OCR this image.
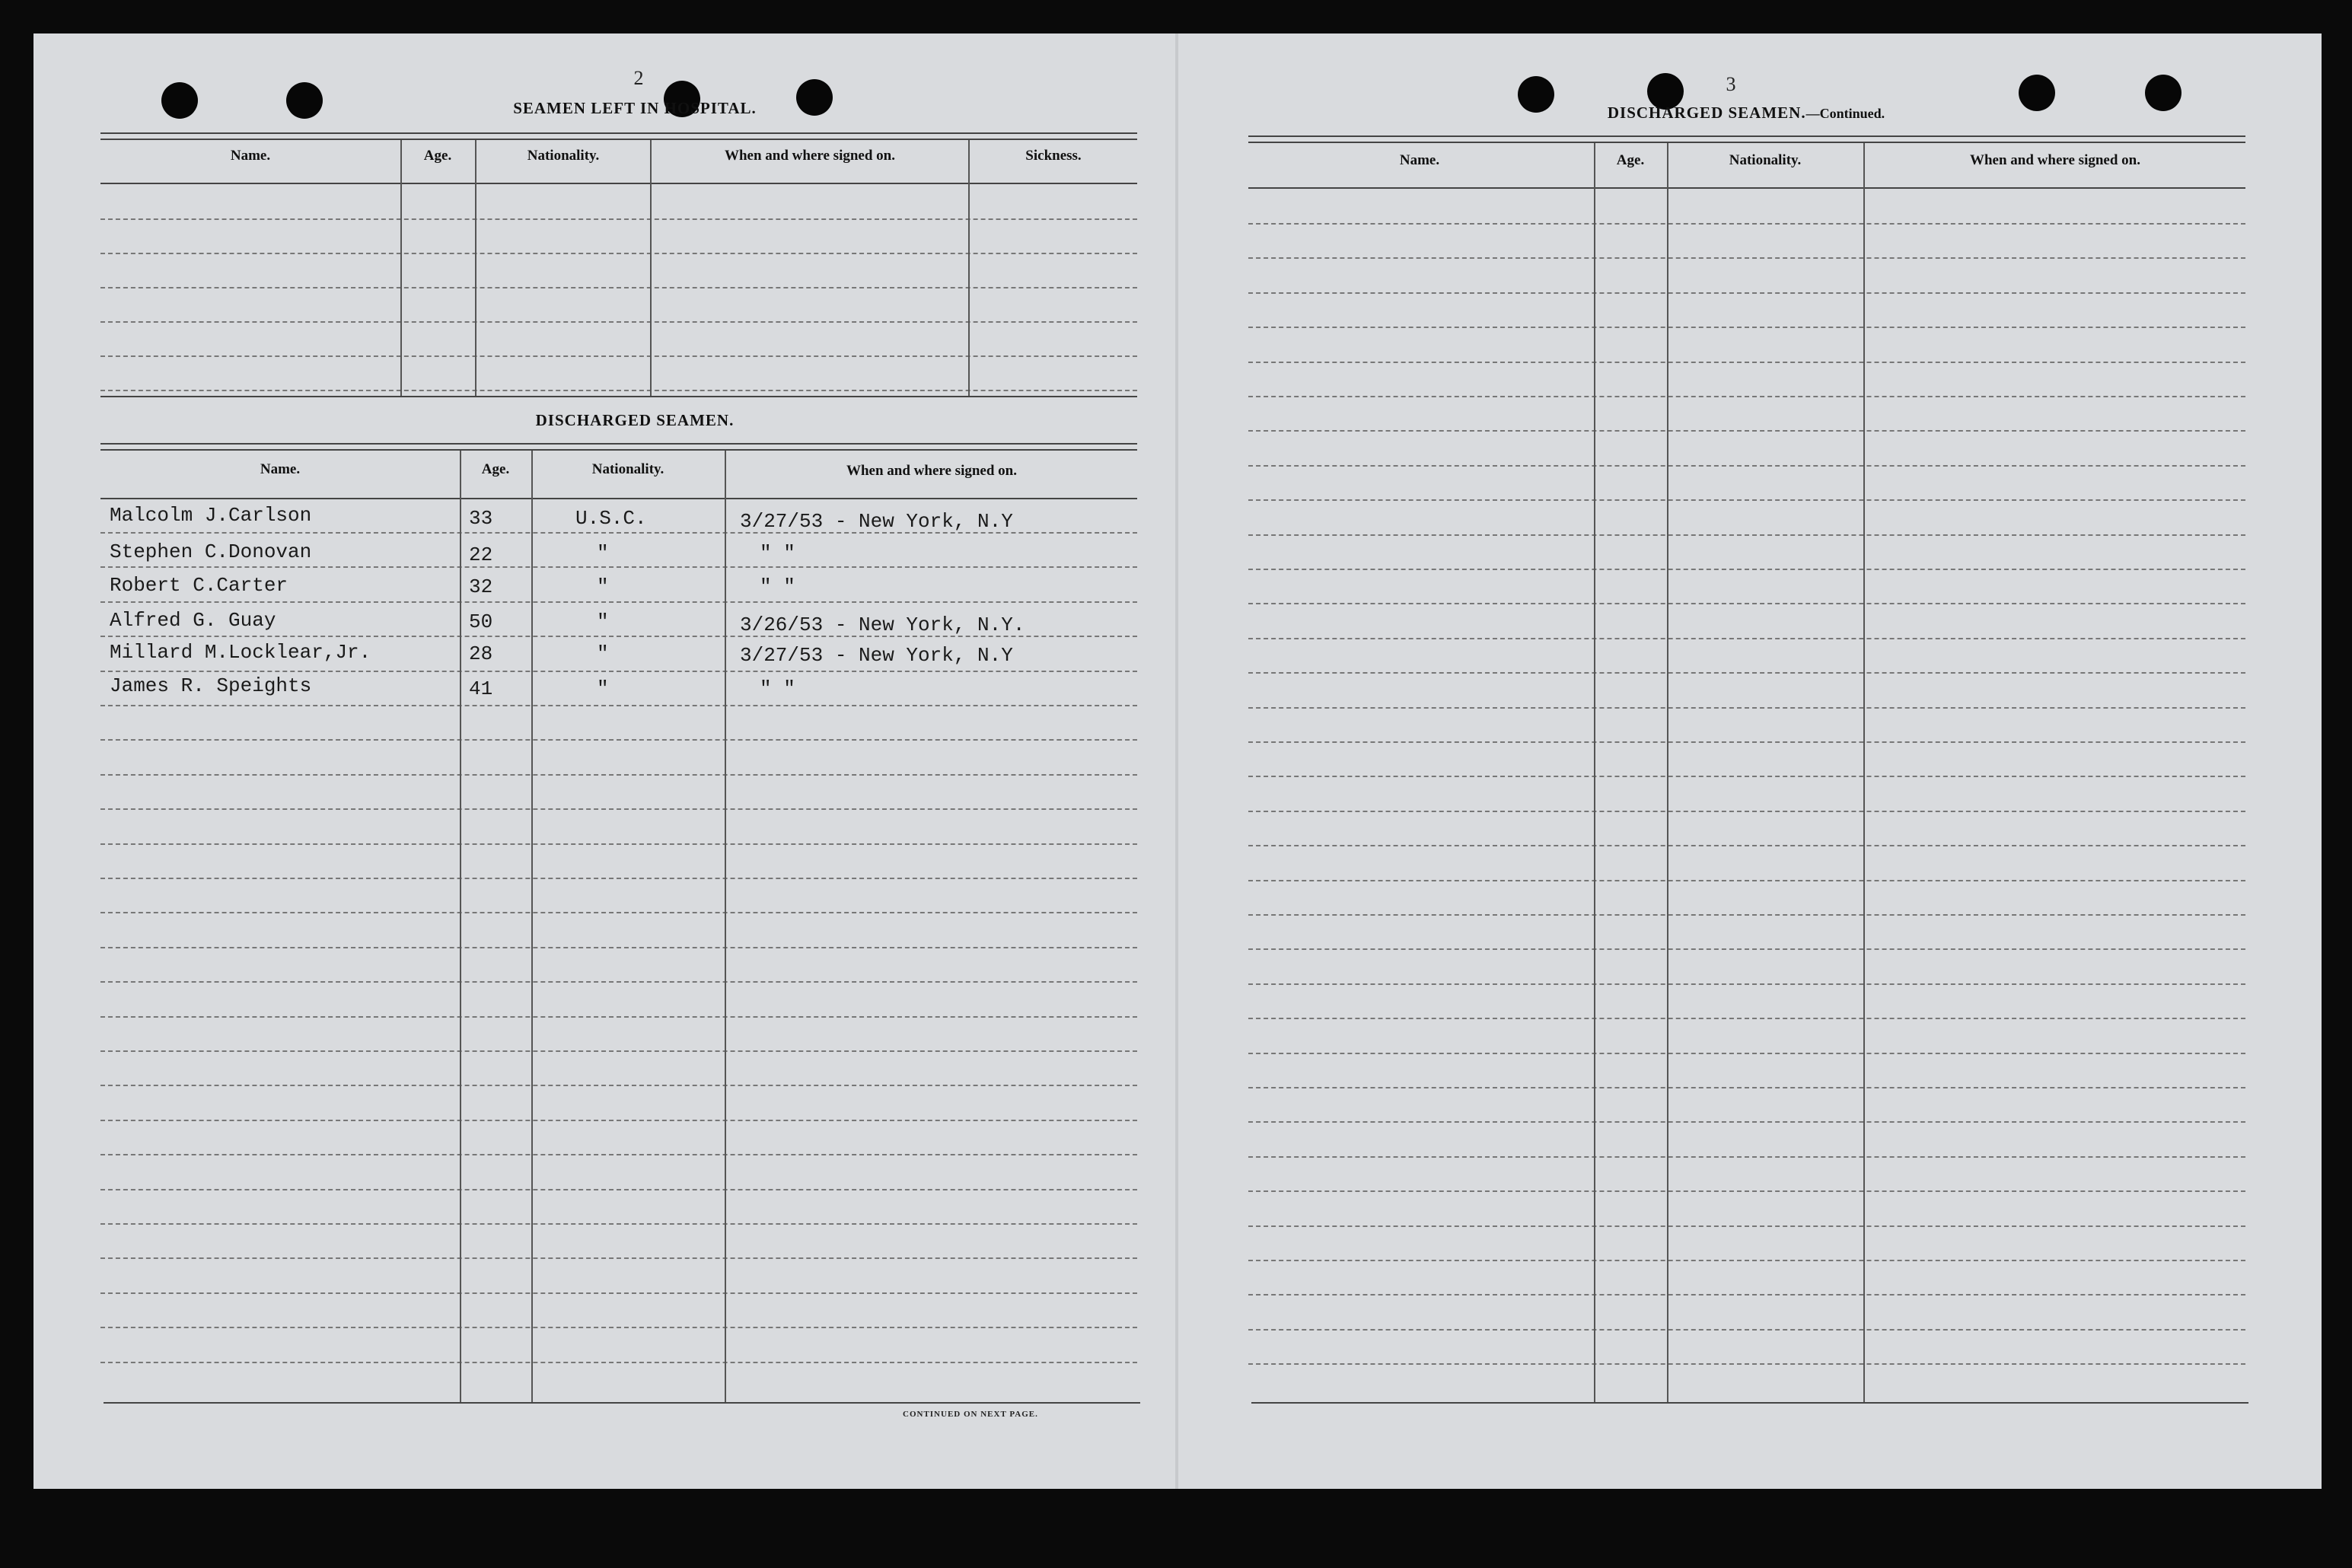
2
SEAMEN LEFT IN HOSPITAL.
Name.	Age.	Nationality.	When and where signed on.	Sickness.
DISCHARGED SEAMEN.
Name.	Age.	Nationality.	When and where signed on.
Malcolm J.Carlson	33	U.S.C.	3/27/53 - New York, N.Y
Stephen C.Donovan	22	"	" "
Robert C.Carter	32	"	" "
Alfred G. Guay	50	"	3/26/53 - New York, N.Y.
Millard M.Locklear,Jr.	28	"	3/27/53 - New York, N.Y
James R. Speights	41	"	" "
CONTINUED ON NEXT PAGE.
3
DISCHARGED SEAMEN.—Continued.
Name.	Age.	Nationality.	When and where signed on.
